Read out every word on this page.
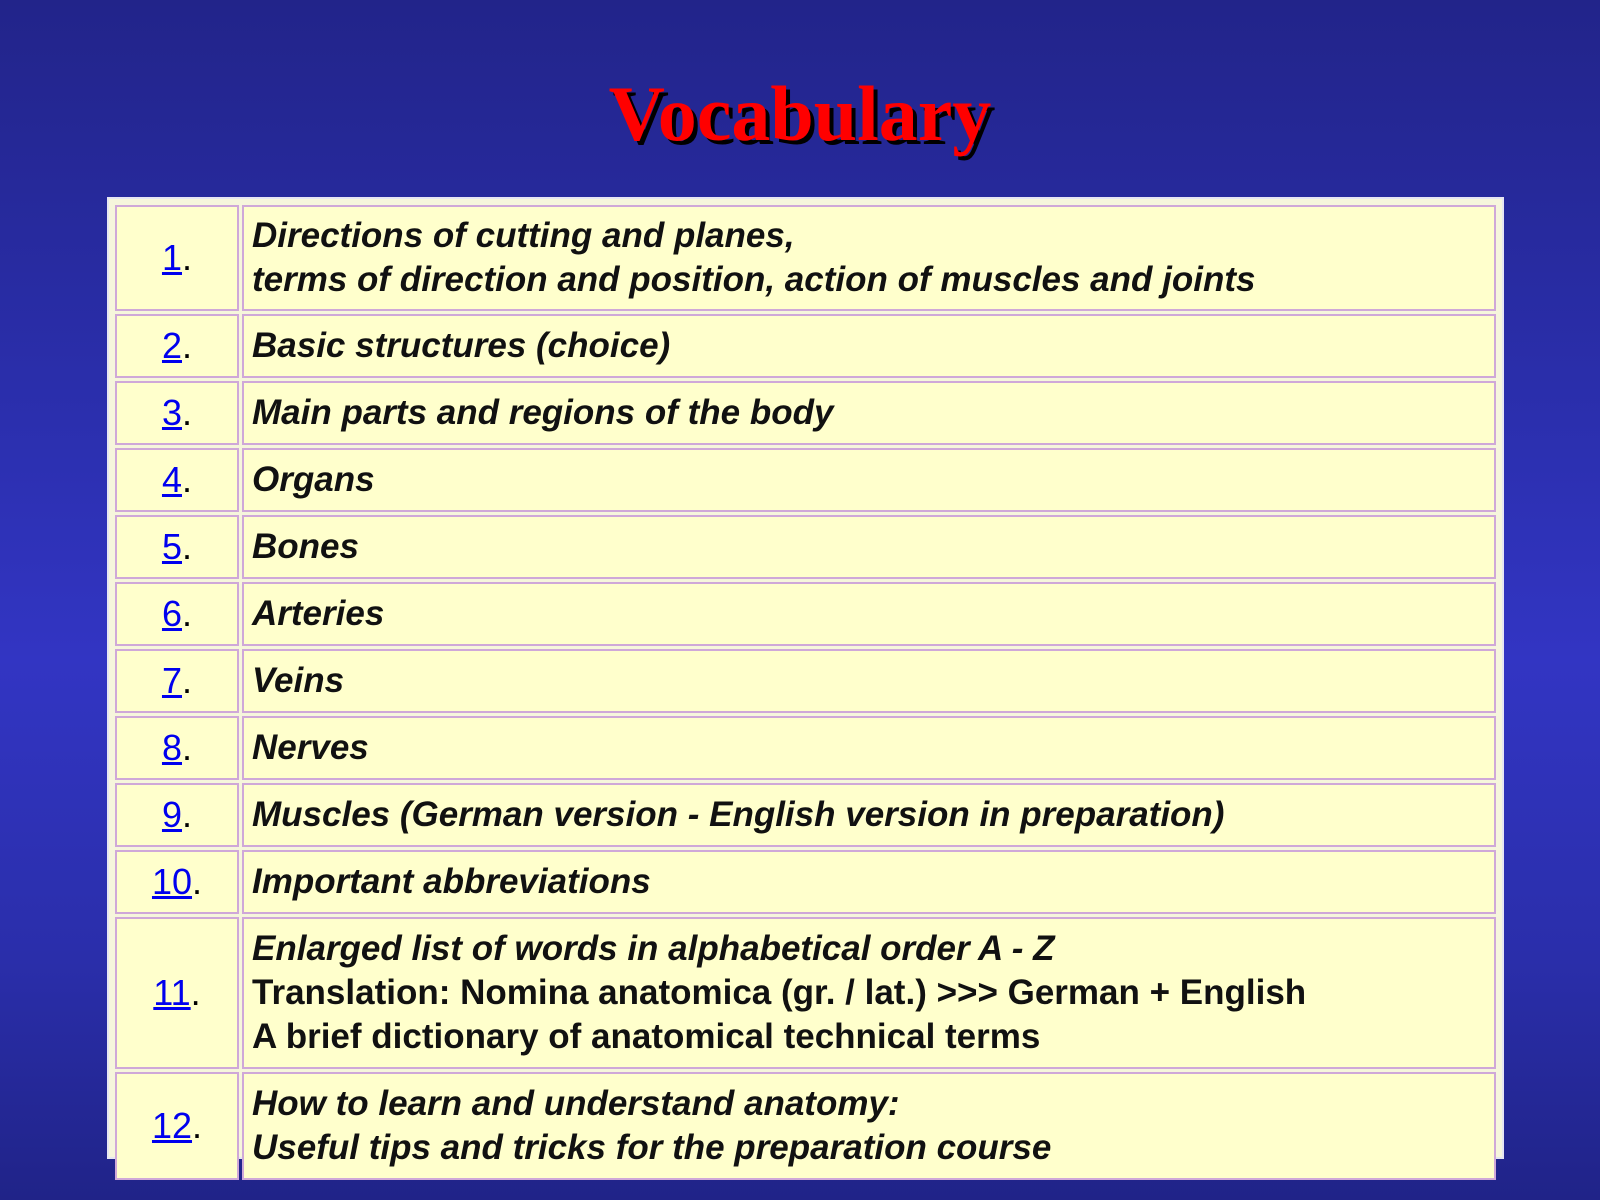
Vocabulary
1.	Directions of cutting and planes,
terms of direction and position, action of muscles and joints

2.	Basic structures (choice)

3.	Main parts and regions of the body

4.	Organs

5.	Bones

6.	Arteries

7.	Veins

8.	Nerves

9.	Muscles (German version - English version in preparation)

10.	Important abbreviations

11.	Enlarged list of words in alphabetical order A - Z
Translation: Nomina anatomica (gr. / lat.) >>> German + English
A brief dictionary of anatomical technical terms

12.	How to learn and understand anatomy:
Useful tips and tricks for the preparation course
